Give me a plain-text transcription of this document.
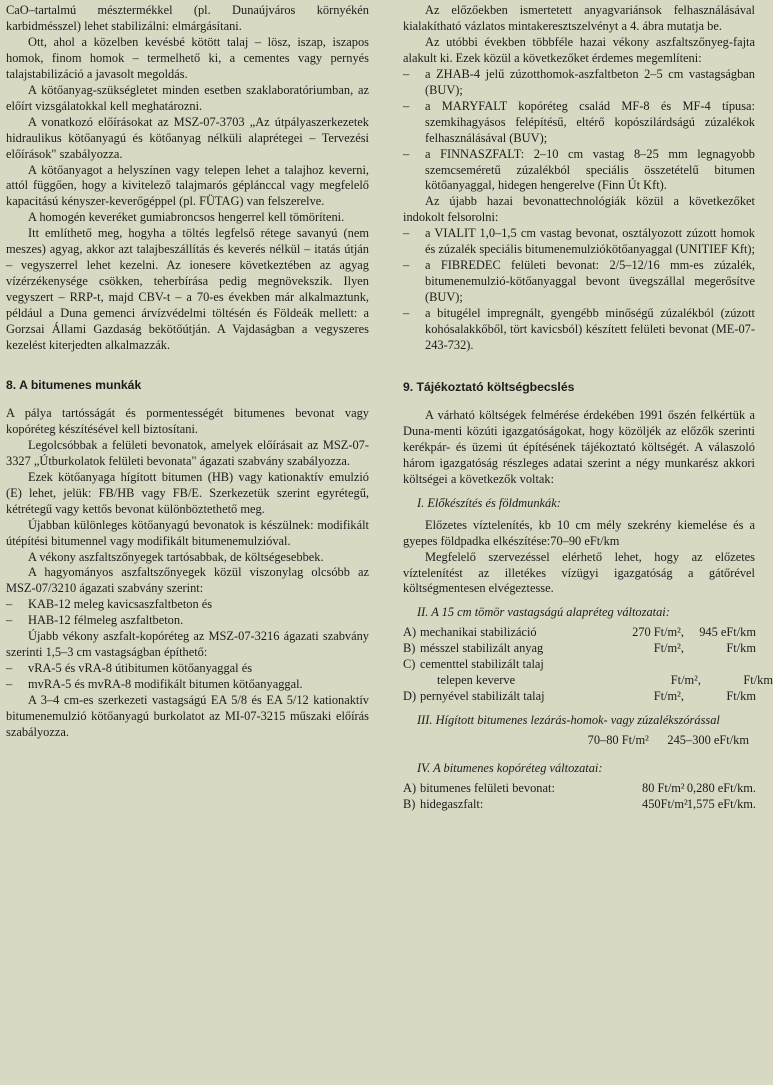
CaO–tartalmú mésztermékkel (pl. Dunaújváros környékén karbidmésszel) lehet stabilizálni: elmárgásítani.

Ott, ahol a közelben kevésbé kötött talaj – lösz, iszap, iszapos homok, finom homok – termelhető ki, a cementes vagy pernyés talajstabilizáció a javasolt megoldás.

A kötőanyag-szükségletet minden esetben szaklaboratóriumban, az előírt vizsgálatokkal kell meghatározni.

A vonatkozó előírásokat az MSZ-07-3703 „Az útpályaszerkezetek hidraulikus kötőanyagú és kötőanyag nélküli alaprétegei – Tervezési előírások" szabályozza.

A kötőanyagot a helyszínen vagy telepen lehet a talajhoz keverni, attól függően, hogy a kivitelező talajmarós géplánccal vagy megfelelő kapacitású kényszer-keverőgéppel (pl. FÜTAG) van felszerelve.

A homogén keveréket gumiabroncsos hengerrel kell tömöríteni.

Itt említhető meg, hogyha a töltés legfelső rétege savanyú (nem meszes) agyag, akkor azt talajbeszállítás és keverés nélkül – itatás útján – vegyszerrel lehet kezelni. Az ionesere következtében az agyag vízérzékenysége csökken, teherbírása pedig megnövekszik. Ilyen vegyszert – RRP-t, majd CBV-t – a 70-es években már alkalmaztunk, például a Duna gemenci árvízvédelmi töltésén és Földeák mellett: a Gorzsai Állami Gazdaság bekötőútján. A Vajdaságban a vegyszeres kezelést kiterjedten alkalmazzák.

8. A bitumenes munkák

A pálya tartósságát és pormentességét bitumenes bevonat vagy kopóréteg készítésével kell biztosítani.

Legolcsóbbak a felületi bevonatok, amelyek előírásait az MSZ-07-3327 „Útburkolatok felületi bevonata" ágazati szabvány szabályozza.

Ezek kötőanyaga hígított bitumen (HB) vagy kationaktív emulzió (E) lehet, jelük: FB/HB vagy FB/E. Szerkezetük szerint egyrétegű, kétrétegű vagy kettős bevonat különböztethető meg.

Újabban különleges kötőanyagú bevonatok is készülnek: modifikált útépítési bitumennel vagy modifikált bitumenemulzióval.

A vékony aszfaltszőnyegek tartósabbak, de költségesebbek.

A hagyományos aszfaltszőnyegek közül viszonylag olcsóbb az MSZ-07/3210 ágazati szabvány szerint:

–	KAB-12 meleg kavicsaszfaltbeton és
–	HAB-12 félmeleg aszfaltbeton.

Újabb vékony aszfalt-kopóréteg az MSZ-07-3216 ágazati szabvány szerinti 1,5–3 cm vastagságban építhető:

–	vRA-5 és vRA-8 útibitumen kötőanyaggal és
–	mvRA-5 és mvRA-8 modifikált bitumen kötőanyaggal.

A 3–4 cm-es szerkezeti vastagságú EA 5/8 és EA 5/12 kationaktív bitumenemulzió kötőanyagú burkolatot az MI-07-3215 műszaki előírás szabályozza.

Az előzőekben ismertetett anyagvariánsok felhasználásával kialakítható vázlatos mintakeresztszelvényt a 4. ábra mutatja be.

Az utóbbi években többféle hazai vékony aszfaltszőnyeg-fajta alakult ki. Ezek közül a következőket érdemes megemlíteni:

–	a ZHAB-4 jelű zúzotthomok-aszfaltbeton 2–5 cm vastagságban (BUV);
–	a MARYFALT kopóréteg család MF-8 és MF-4 típusa: szemkihagyásos felépítésű, eltérő kopószilárdságú zúzalékok felhasználásával (BUV);
–	a FINNASZFALT: 2–10 cm vastag 8–25 mm legnagyobb szemcseméretű zúzalékból speciális összetételű bitumen kötőanyaggal, hidegen hengerelve (Finn Út Kft).

Az újabb hazai bevonattechnológiák közül a következőket indokolt felsorolni:

–	a VIALIT 1,0–1,5 cm vastag bevonat, osztályozott zúzott homok és zúzalék speciális bitumenemulziókötőanyaggal (UNITIEF Kft);
–	a FIBREDEC felületi bevonat: 2/5–12/16 mm-es zúzalék, bitumenemulzió-kötőanyaggal bevont üvegszállal megerősítve (BUV);
–	a bitugélel impregnált, gyengébb minőségű zúzalékból (zúzott kohósalakkőből, tört kavicsból) készített felületi bevonat (ME-07-243-732).

9. Tájékoztató költségbecslés

A várható költségek felmérése érdekében 1991 őszén felkértük a Duna-menti közúti igazgatóságokat, hogy közöljék az előzők szerinti kerékpár- és üzemi út építésének tájékoztató költségét. A válaszoló három igazgatóság részleges adatai szerint a négy munkarész akkori költségei a következők voltak:

I. Előkészítés és földmunkák:

Előzetes víztelenítés, kb 10 cm mély szekrény kiemelése és a gyepes földpadka elkészítése:70–90 eFt/km

Megfelelő szervezéssel elérhető lehet, hogy az előzetes víztelenítést az illetékes vízügyi igazgatóság a gátőrével költségmentesen elvégeztesse.

II. A 15 cm tömör vastagságú alapréteg változatai:

A) mechanikai stabilizáció	270 Ft/m²,	945 eFt/km
B) mésszel stabilizált anyag	Ft/m²,	Ft/km
C) cementtel stabilizált talaj
telepen keverve	Ft/m²,	Ft/km
D) pernyével stabilizált talaj	Ft/m²,	Ft/km

III. Hígított bitumenes lezárás-homok- vagy zúzalékszórással

70–80 Ft/m²      245–300 eFt/km

IV. A bitumenes kopóréteg változatai:

A) bitumenes felületi bevonat:	80 Ft/m² 0,280 eFt/km.
B) hidegaszfalt:	450Ft/m² 1,575 eFt/km.
